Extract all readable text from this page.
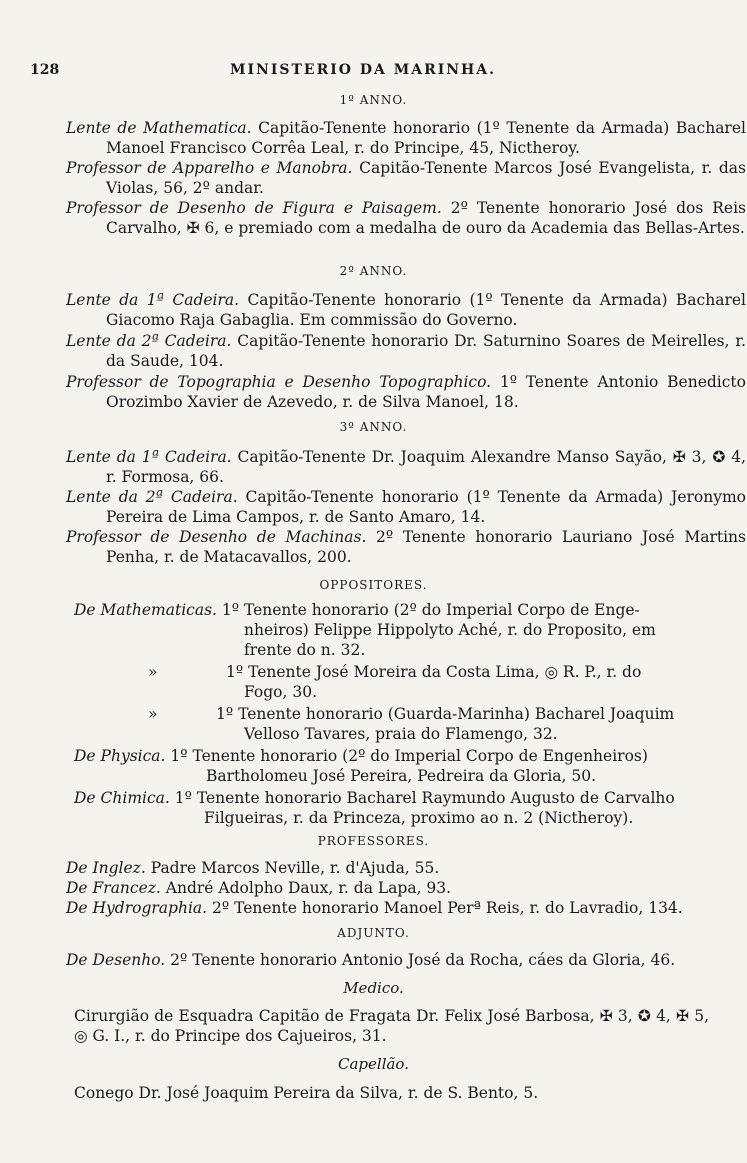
128	MINISTERIO DA MARINHA.
1º ANNO.
Lente de Mathematica. Capitão-Tenente honorario (1º Tenente da Armada) Bacharel Manoel Francisco Corrêa Leal, r. do Principe, 45, Nictheroy.
Professor de Apparelho e Manobra. Capitão-Tenente Marcos José Evangelista, r. das Violas, 56, 2º andar.
Professor de Desenho de Figura e Paisagem. 2º Tenente honorario José dos Reis Carvalho, ✠ 6, e premiado com a medalha de ouro da Academia das Bellas-Artes.
2º ANNO.
Lente da 1ª Cadeira. Capitão-Tenente honorario (1º Tenente da Armada) Bacharel Giacomo Raja Gabaglia. Em commissão do Governo.
Lente da 2ª Cadeira. Capitão-Tenente honorario Dr. Saturnino Soares de Meirelles, r. da Saude, 104.
Professor de Topographia e Desenho Topographico. 1º Tenente Antonio Benedicto Orozimbo Xavier de Azevedo, r. de Silva Manoel, 18.
3º ANNO.
Lente da 1ª Cadeira. Capitão-Tenente Dr. Joaquim Alexandre Manso Sayão, ✠ 3, ✪ 4, r. Formosa, 66.
Lente da 2ª Cadeira. Capitão-Tenente honorario (1º Tenente da Armada) Jeronymo Pereira de Lima Campos, r. de Santo Amaro, 14.
Professor de Desenho de Machinas. 2º Tenente honorario Lauriano José Martins Penha, r. de Matacavallos, 200.
OPPOSITORES.
De Mathematicas. 1º Tenente honorario (2º do Imperial Corpo de Enge-
nheiros) Felippe Hippolyto Aché, r. do Proposito, em
frente do n. 32.
»	1º Tenente José Moreira da Costa Lima, ◎ R. P., r. do
Fogo, 30.
»	1º Tenente honorario (Guarda-Marinha) Bacharel Joaquim
Velloso Tavares, praia do Flamengo, 32.
De Physica. 1º Tenente honorario (2º do Imperial Corpo de Engenheiros)
Bartholomeu José Pereira, Pedreira da Gloria, 50.
De Chimica. 1º Tenente honorario Bacharel Raymundo Augusto de Carvalho
Filgueiras, r. da Princeza, proximo ao n. 2 (Nictheroy).
PROFESSORES.
De Inglez. Padre Marcos Neville, r. d'Ajuda, 55.
De Francez. André Adolpho Daux, r. da Lapa, 93.
De Hydrographia. 2º Tenente honorario Manoel Perª Reis, r. do Lavradio, 134.
ADJUNTO.
De Desenho. 2º Tenente honorario Antonio José da Rocha, cáes da Gloria, 46.
Medico.
Cirurgião de Esquadra Capitão de Fragata Dr. Felix José Barbosa, ✠ 3, ✪ 4, ✠ 5, ◎ G. I., r. do Principe dos Cajueiros, 31.
Capellão.
Conego Dr. José Joaquim Pereira da Silva, r. de S. Bento, 5.
